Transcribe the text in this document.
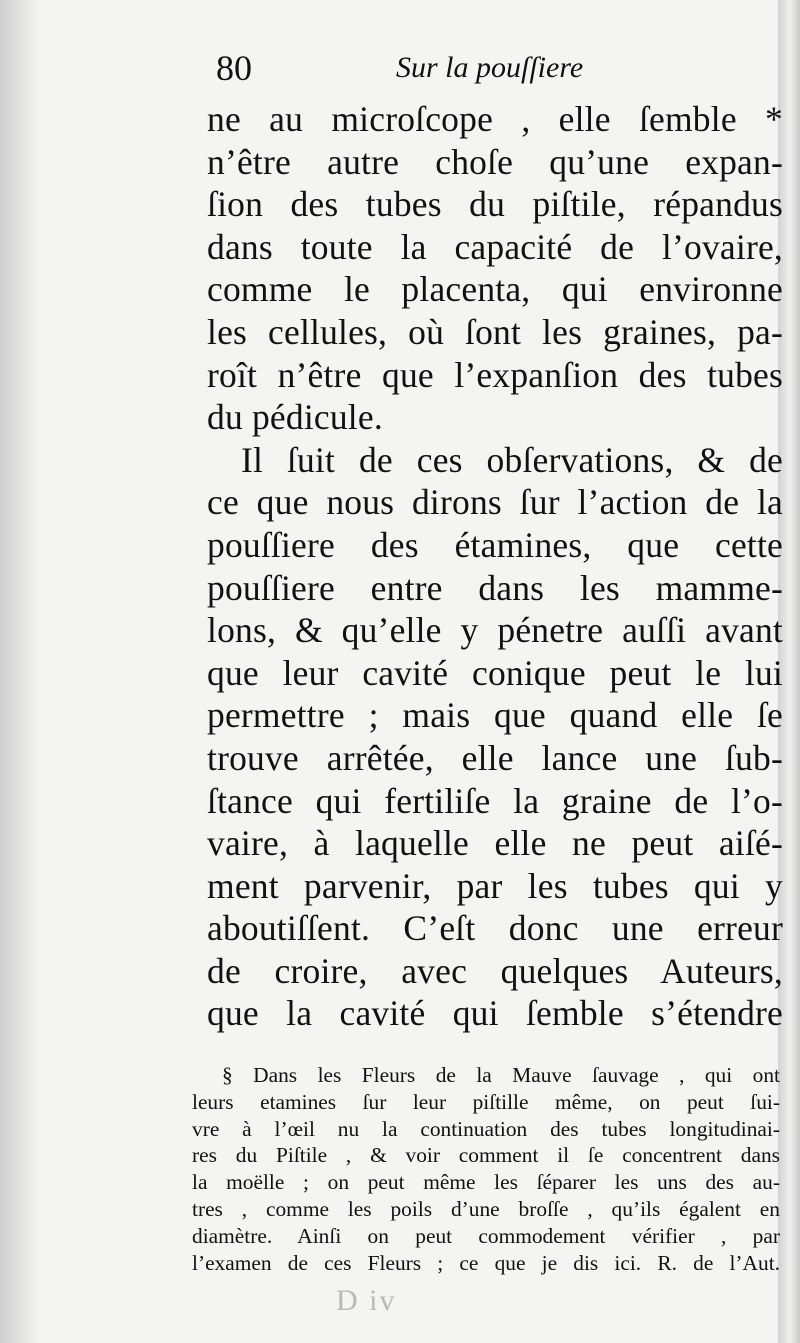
80	Sur la pouſſiere
ne au microſcope , elle ſemble *
n’être autre choſe qu’une expan-
ſion des tubes du piſtile, répandus
dans toute la capacité de l’ovaire,
comme le placenta, qui environne
les cellules, où ſont les graines, pa-
roît n’être que l’expanſion des tubes
du pédicule.
Il ſuit de ces obſervations, & de
ce que nous dirons ſur l’action de la
pouſſiere des étamines, que cette
pouſſiere entre dans les mamme-
lons, & qu’elle y pénetre auſſi avant
que leur cavité conique peut le lui
permettre ; mais que quand elle ſe
trouve arrêtée, elle lance une ſub-
ſtance qui fertiliſe la graine de l’o-
vaire, à laquelle elle ne peut aiſé-
ment parvenir, par les tubes qui y
aboutiſſent. C’eſt donc une erreur
de croire, avec quelques Auteurs,
que la cavité qui ſemble s’étendre
§ Dans les Fleurs de la Mauve ſauvage , qui ont
leurs etamines ſur leur piſtille même, on peut ſui-
vre à l’œil nu la continuation des tubes longitudinai-
res du Piſtile , & voir comment il ſe concentrent dans
la moëlle ; on peut même les ſéparer les uns des au-
tres , comme les poils d’une broſſe , qu’ils égalent en
diamètre. Ainſi on peut commodement vérifier , par
l’examen de ces Fleurs ; ce que je dis ici. R. de l’Aut.
D iv
